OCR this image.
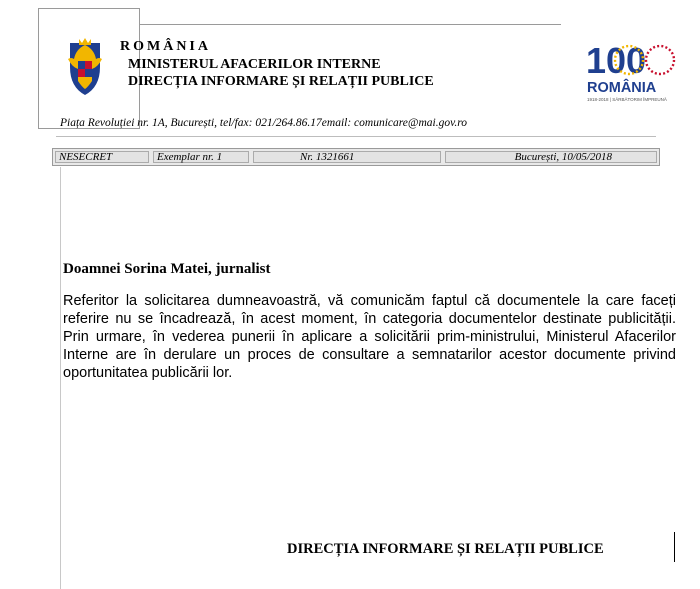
ROMÂNIA
MINISTERUL AFACERILOR INTERNE
DIRECȚIA INFORMARE ȘI RELAȚII PUBLICE
100
ROMÂNIA
1918-2018 | SĂRBĂTORIM ÎMPREUNĂ
Piața Revoluției nr. 1A, București, tel/fax: 021/264.86.17email: comunicare@mai.gov.ro
NESECRET	Exemplar nr. 1	Nr. 1321661	București, 10/05/2018
Doamnei Sorina Matei, jurnalist
Referitor la solicitarea dumneavoastră, vă comunicăm faptul că documentele la care faceți referire nu se încadrează, în acest moment, în categoria documentelor destinate publicității. Prin urmare, în vederea punerii în aplicare a solicitării prim-ministrului, Ministerul Afacerilor Interne are în derulare un proces de consultare a semnatarilor acestor documente privind oportunitatea publicării lor.
DIRECȚIA INFORMARE ȘI RELAȚII PUBLICE
